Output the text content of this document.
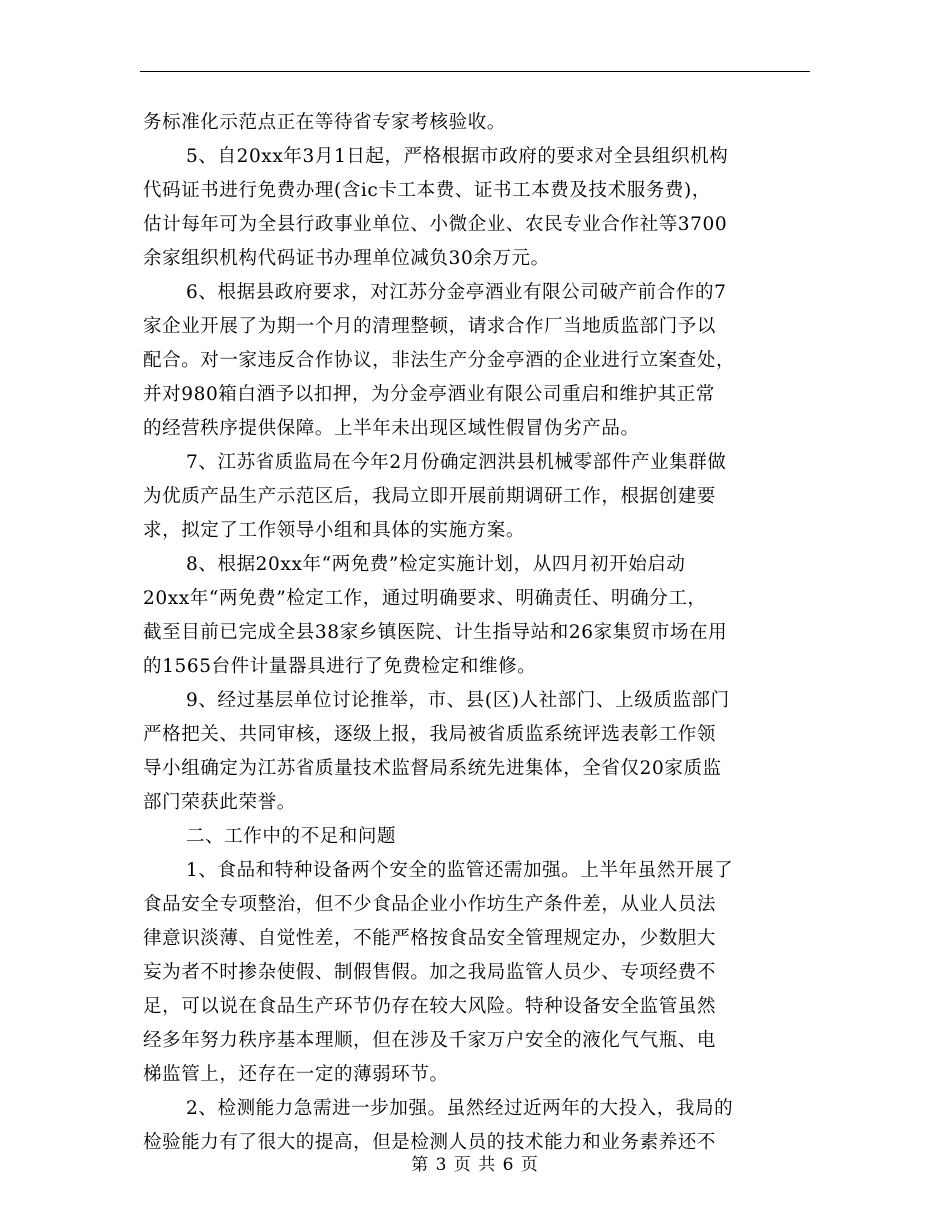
务标准化示范点正在等待省专家考核验收。
5、自20xx年3月1日起，严格根据市政府的要求对全县组织机构
代码证书进行免费办理(含ic卡工本费、证书工本费及技术服务费)，
估计每年可为全县行政事业单位、小微企业、农民专业合作社等3700
余家组织机构代码证书办理单位减负30余万元。
6、根据县政府要求，对江苏分金亭酒业有限公司破产前合作的7
家企业开展了为期一个月的清理整顿，请求合作厂当地质监部门予以
配合。对一家违反合作协议，非法生产分金亭酒的企业进行立案查处，
并对980箱白酒予以扣押，为分金亭酒业有限公司重启和维护其正常
的经营秩序提供保障。上半年未出现区域性假冒伪劣产品。
7、江苏省质监局在今年2月份确定泗洪县机械零部件产业集群做
为优质产品生产示范区后，我局立即开展前期调研工作，根据创建要
求，拟定了工作领导小组和具体的实施方案。
8、根据20xx年“两免费”检定实施计划，从四月初开始启动
20xx年“两免费”检定工作，通过明确要求、明确责任、明确分工，
截至目前已完成全县38家乡镇医院、计生指导站和26家集贸市场在用
的1565台件计量器具进行了免费检定和维修。
9、经过基层单位讨论推举，市、县(区)人社部门、上级质监部门
严格把关、共同审核，逐级上报，我局被省质监系统评选表彰工作领
导小组确定为江苏省质量技术监督局系统先进集体，全省仅20家质监
部门荣获此荣誉。
二、工作中的不足和问题
1、食品和特种设备两个安全的监管还需加强。上半年虽然开展了
食品安全专项整治，但不少食品企业小作坊生产条件差，从业人员法
律意识淡薄、自觉性差，不能严格按食品安全管理规定办，少数胆大
妄为者不时掺杂使假、制假售假。加之我局监管人员少、专项经费不
足，可以说在食品生产环节仍存在较大风险。特种设备安全监管虽然
经多年努力秩序基本理顺，但在涉及千家万户安全的液化气气瓶、电
梯监管上，还存在一定的薄弱环节。
2、检测能力急需进一步加强。虽然经过近两年的大投入，我局的
检验能力有了很大的提高，但是检测人员的技术能力和业务素养还不
第 3 页 共 6 页
